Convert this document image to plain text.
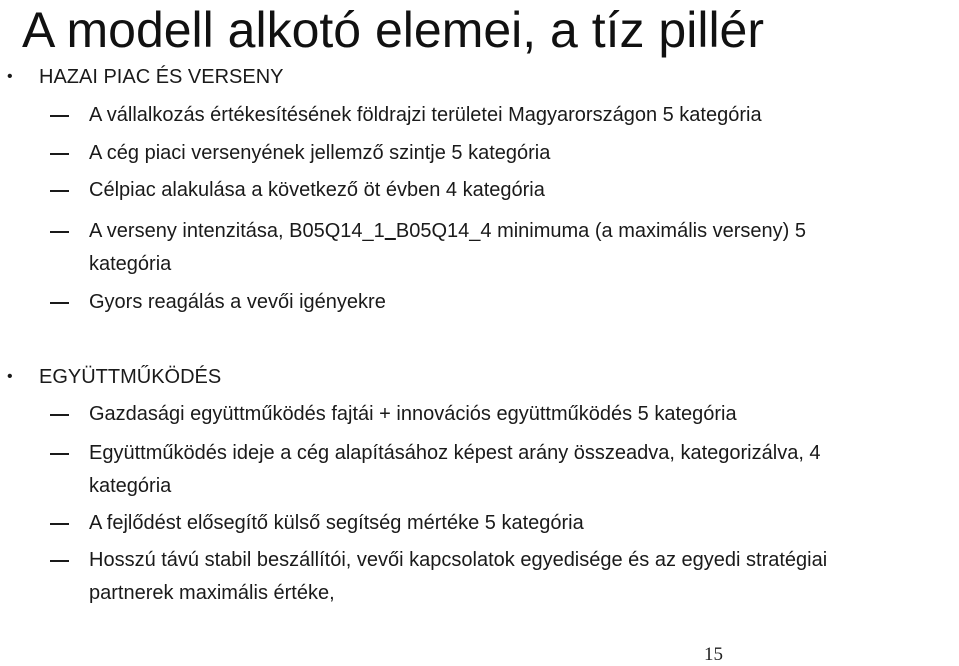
A modell alkotó elemei, a tíz pillér
• HAZAI PIAC ÉS VERSENY
A vállalkozás értékesítésének földrajzi területei Magyarországon 5 kategória
A cég piaci versenyének jellemző szintje 5 kategória
Célpiac alakulása a következő öt évben 4 kategória
A verseny intenzitása, B05Q14_1 B05Q14_4 minimuma (a maximális verseny) 5
kategória
Gyors reagálás a vevői igényekre
• EGYÜTTMŰKÖDÉS
Gazdasági együttműködés fajtái + innovációs együttműködés 5 kategória
Együttműködés ideje a cég alapításához képest arány összeadva, kategorizálva, 4
kategória
A fejlődést elősegítő külső segítség mértéke 5 kategória
Hosszú távú stabil beszállítói, vevői kapcsolatok egyedisége és az egyedi stratégiai
partnerek maximális értéke,
15
